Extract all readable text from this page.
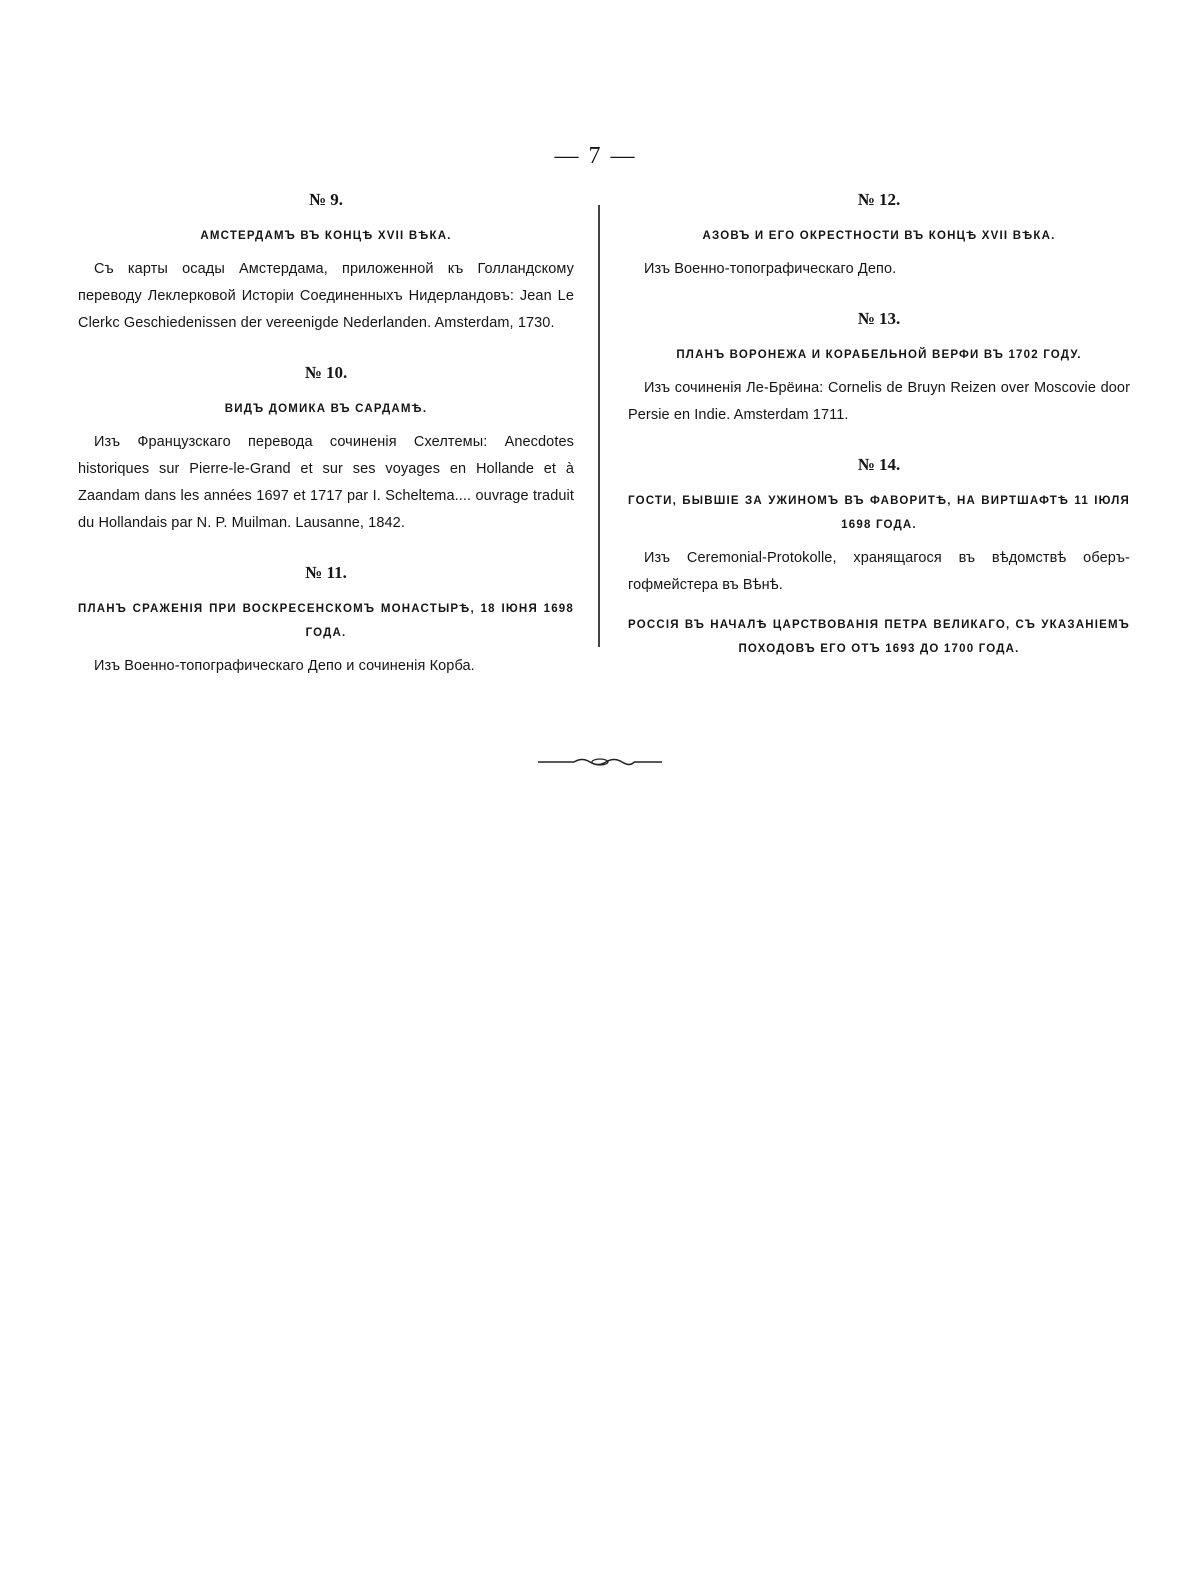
— 7 —
№ 9.
АМСТЕРДАМЪ ВЪ КОНЦѢ XVII ВѢКА.
Съ карты осады Амстердама, приложенной къ Голландскому переводу Леклерковой Исторіи Соединенныхъ Нидерландовъ: Jean Le Clerkc Geschiedenissen der vereenigde Nederlanden. Amsterdam, 1730.
№ 10.
ВИДЪ ДОМИКА ВЪ САРДАМѢ.
Изъ Французскаго перевода сочиненія Схелтемы: Anecdotes historiques sur Pierre-le-Grand et sur ses voyages en Hollande et à Zaandam dans les années 1697 et 1717 par I. Scheltema.... ouvrage traduit du Hollandais par N. P. Muilman. Lausanne, 1842.
№ 11.
ПЛАНЪ СРАЖЕНІЯ ПРИ ВОСКРЕСЕНСКОМЪ МОНАСТЫРѢ, 18 ІЮНЯ 1698 ГОДА.
Изъ Военно-топографическаго Депо и сочиненія Корба.
№ 12.
АЗОВЪ И ЕГО ОКРЕСТНОСТИ ВЪ КОНЦѢ XVII ВѢКА.
Изъ Военно-топографическаго Депо.
№ 13.
ПЛАНЪ ВОРОНЕЖА И КОРАБЕЛЬНОЙ ВЕРФИ ВЪ 1702 ГОДУ.
Изъ сочиненія Ле-Брёина: Cornelis de Bruyn Reizen over Moscovie door Persie en Indie. Amsterdam 1711.
№ 14.
ГОСТИ, БЫВШІЕ ЗА УЖИНОМЪ ВЪ ФАВОРИТѢ, НА ВИРТШАФТѢ 11 ІЮЛЯ 1698 ГОДА.
Изъ Ceremonial-Protokolle, хранящагося въ вѣдомствѣ оберъ-гофмейстера въ Вѣнѣ.
РОССІЯ ВЪ НАЧАЛѢ ЦАРСТВОВАНІЯ ПЕТРА ВЕЛИКАГО, СЪ УКАЗАНІЕМЪ ПОХОДОВЪ ЕГО ОТЪ 1693 ДО 1700 ГОДА.
